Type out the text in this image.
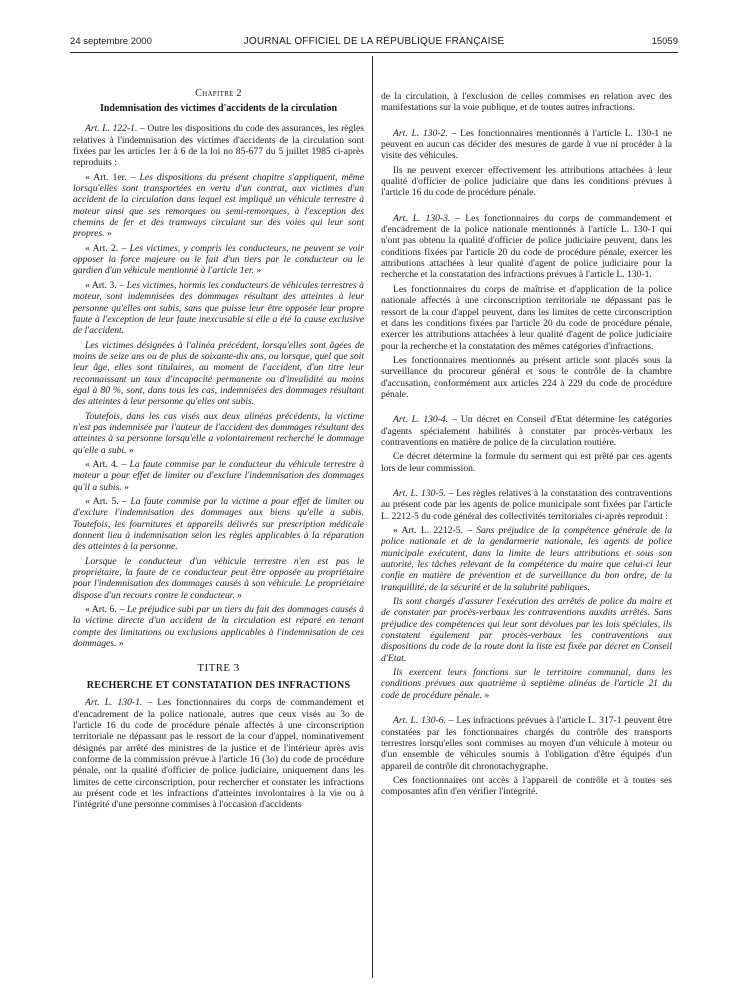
24 septembre 2000	JOURNAL OFFICIEL DE LA RÉPUBLIQUE FRANÇAISE	15059
Chapitre 2
Indemnisation des victimes d'accidents de la circulation

Art. L. 122-1. – Outre les dispositions du code des assurances, les règles relatives à l'indemnisation des victimes d'accidents de la circulation sont fixées par les articles 1er à 6 de la loi no 85-677 du 5 juillet 1985 ci-après reproduits :

« Art. 1er. – Les dispositions du présent chapitre s'appliquent, même lorsqu'elles sont transportées en vertu d'un contrat, aux victimes d'un accident de la circulation dans lequel est impliqué un véhicule terrestre à moteur ainsi que ses remorques ou semi-remorques, à l'exception des chemins de fer et des tramways circulant sur des voies qui leur sont propres. »

« Art. 2. – Les victimes, y compris les conducteurs, ne peuvent se voir opposer la force majeure ou le fait d'un tiers par le conducteur ou le gardien d'un véhicule mentionné à l'article 1er. »

« Art. 3. – Les victimes, hormis les conducteurs de véhicules terrestres à moteur, sont indemnisées des dommages résultant des atteintes à leur personne qu'elles ont subis, sans que puisse leur être opposée leur propre faute à l'exception de leur faute inexcusable si elle a été la cause exclusive de l'accident.

Les victimes désignées à l'alinéa précédent, lorsqu'elles sont âgées de moins de seize ans ou de plus de soixante-dix ans, ou lorsque, quel que soit leur âge, elles sont titulaires, au moment de l'accident, d'un titre leur reconnaissant un taux d'incapacité permanente ou d'invalidité au moins égal à 80 %, sont, dans tous les cas, indemnisées des dommages résultant des atteintes à leur personne qu'elles ont subis.

Toutefois, dans les cas visés aux deux alinéas précédents, la victime n'est pas indemnisée par l'auteur de l'accident des dommages résultant des atteintes à sa personne lorsqu'elle a volontairement recherché le dommage qu'elle a subi. »

« Art. 4. – La faute commise par le conducteur du véhicule terrestre à moteur a pour effet de limiter ou d'exclure l'indemnisation des dommages qu'il a subis. »

« Art. 5. – La faute commise par la victime a pour effet de limiter ou d'exclure l'indemnisation des dommages aux biens qu'elle a subis. Toutefois, les fournitures et appareils délivrés sur prescription médicale donnent lieu à indemnisation selon les règles applicables à la réparation des atteintes à la personne.

Lorsque le conducteur d'un véhicule terrestre n'en est pas le propriétaire, la faute de ce conducteur peut être opposée au propriétaire pour l'indemnisation des dommages causés à son véhicule. Le propriétaire dispose d'un recours contre le conducteur. »

« Art. 6. – Le préjudice subi par un tiers du fait des dommages causés à la victime directe d'un accident de la circulation est réparé en tenant compte des limitations ou exclusions applicables à l'indemnisation de ces dommages. »

TITRE 3
RECHERCHE ET CONSTATATION DES INFRACTIONS

Art. L. 130-1. – Les fonctionnaires du corps de commandement et d'encadrement de la police nationale, autres que ceux visés au 3o de l'article 16 du code de procédure pénale affectés à une circonscription territoriale ne dépassant pas le ressort de la cour d'appel, nominativement désignés par arrêté des ministres de la justice et de l'intérieur après avis conforme de la commission prévue à l'article 16 (3o) du code de procédure pénale, ont la qualité d'officier de police judiciaire, uniquement dans les limites de cette circonscription, pour rechercher et constater les infractions au présent code et les infractions d'atteintes involontaires à la vie ou à l'intégrité d'une personne commises à l'occasion d'accidents

de la circulation, à l'exclusion de celles commises en relation avec des manifestations sur la voie publique, et de toutes autres infractions.

Art. L. 130-2. – Les fonctionnaires mentionnés à l'article L. 130-1 ne peuvent en aucun cas décider des mesures de garde à vue ni procéder à la visite des véhicules.

Ils ne peuvent exercer effectivement les attributions attachées à leur qualité d'officier de police judiciaire que dans les conditions prévues à l'article 16 du code de procédure pénale.

Art. L. 130-3. – Les fonctionnaires du corps de commandement et d'encadrement de la police nationale mentionnés à l'article L. 130-1 qui n'ont pas obtenu la qualité d'officier de police judiciaire peuvent, dans les conditions fixées par l'article 20 du code de procédure pénale, exercer les attributions attachées à leur qualité d'agent de police judiciaire pour la recherche et la constatation des infractions prévues à l'article L. 130-1.

Les fonctionnaires du corps de maîtrise et d'application de la police nationale affectés à une circonscription territoriale ne dépassant pas le ressort de la cour d'appel peuvent, dans les limites de cette circonscription et dans les conditions fixées par l'article 20 du code de procédure pénale, exercer les attributions attachées à leur qualité d'agent de police judiciaire pour la recherche et la constatation des mêmes catégories d'infractions.

Les fonctionnaires mentionnés au présent article sont placés sous la surveillance du procureur général et sous le contrôle de la chambre d'accusation, conformément aux articles 224 à 229 du code de procédure pénale.

Art. L. 130-4. – Un décret en Conseil d'Etat détermine les catégories d'agents spécialement habilités à constater par procès-verbaux les contraventions en matière de police de la circulation routière.

Ce décret détermine la formule du serment qui est prêté par ces agents lors de leur commission.

Art. L. 130-5. – Les règles relatives à la constatation des contraventions au présent code par les agents de police municipale sont fixées par l'article L. 2212-5 du code général des collectivités territoriales ci-après reproduit :

« Art. L. 2212-5. – Sans préjudice de la compétence générale de la police nationale et de la gendarmerie nationale, les agents de police municipale exécutent, dans la limite de leurs attributions et sous son autorité, les tâches relevant de la compétence du maire que celui-ci leur confie en matière de prévention et de surveillance du bon ordre, de la tranquillité, de la sécurité et de la salubrité publiques.

Ils sont chargés d'assurer l'exécution des arrêtés de police du maire et de constater par procès-verbaux les contraventions auxdits arrêtés. Sans préjudice des compétences qui leur sont dévolues par les lois spéciales, ils constatent également par procès-verbaux les contraventions aux dispositions du code de la route dont la liste est fixée par décret en Conseil d'Etat.

Ils exercent leurs fonctions sur le territoire communal, dans les conditions prévues aux quatrième à septième alinéas de l'article 21 du code de procédure pénale. »

Art. L. 130-6. – Les infractions prévues à l'article L. 317-1 peuvent être constatées par les fonctionnaires chargés du contrôle des transports terrestres lorsqu'elles sont commises au moyen d'un véhicule à moteur ou d'un ensemble de véhicules soumis à l'obligation d'être équipés d'un appareil de contrôle dit chronotachygraphe.

Ces fonctionnaires ont accès à l'appareil de contrôle et à toutes ses composantes afin d'en vérifier l'intégrité.
